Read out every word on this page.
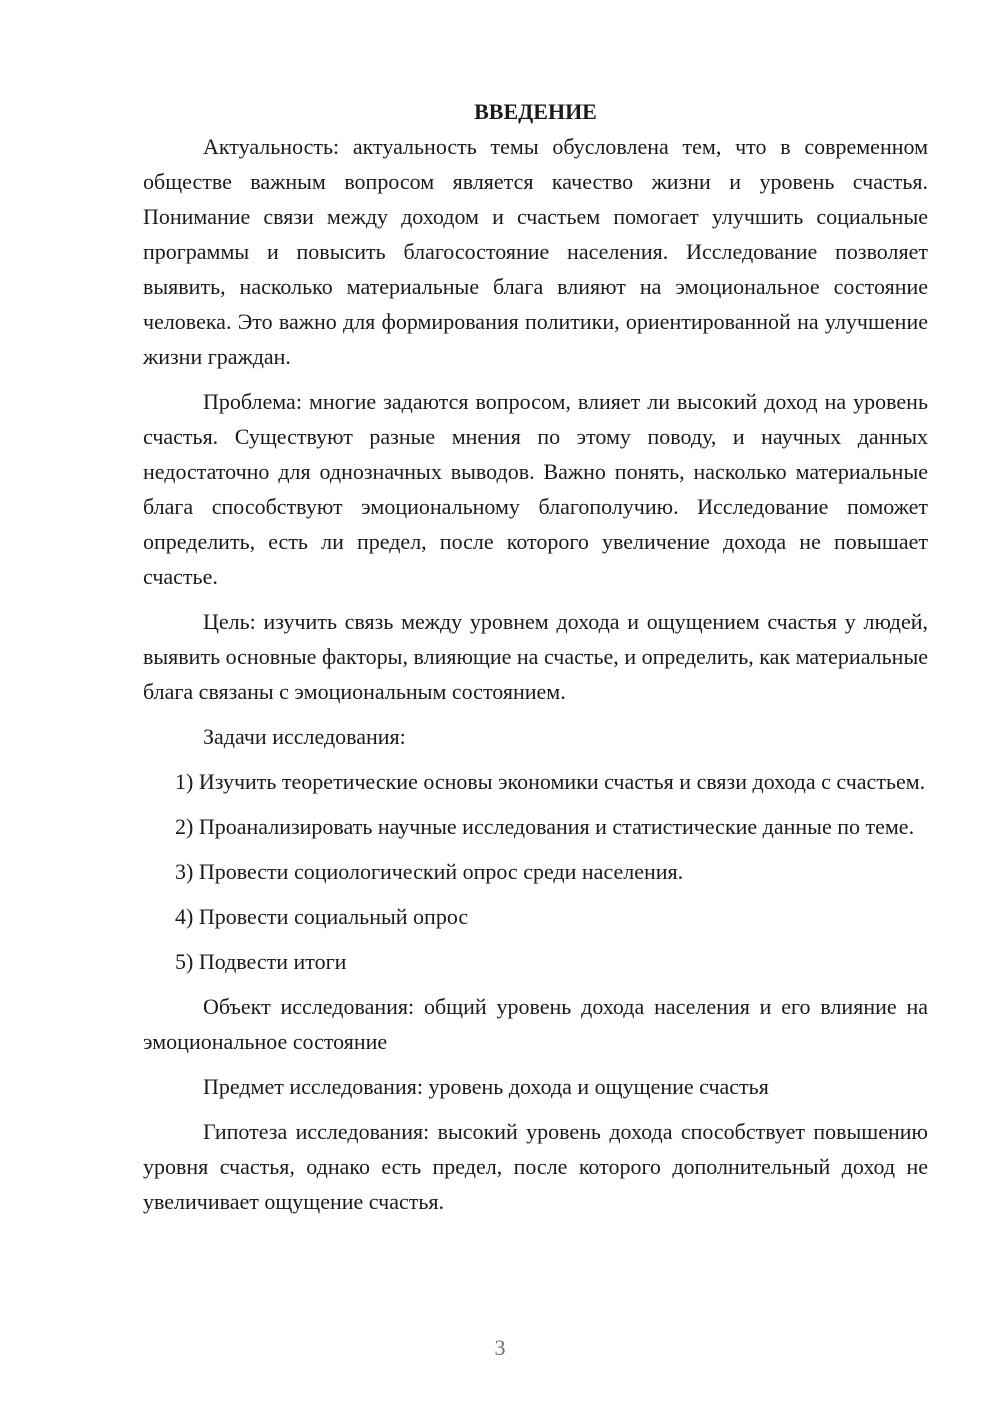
ВВЕДЕНИЕ

Актуальность: актуальность темы обусловлена тем, что в современном обществе важным вопросом является качество жизни и уровень счастья. Понимание связи между доходом и счастьем помогает улучшить социальные программы и повысить благосостояние населения. Исследование позволяет выявить, насколько материальные блага влияют на эмоциональное состояние человека. Это важно для формирования политики, ориентированной на улучшение жизни граждан.

Проблема: многие задаются вопросом, влияет ли высокий доход на уровень счастья. Существуют разные мнения по этому поводу, и научных данных недостаточно для однозначных выводов. Важно понять, насколько материальные блага способствуют эмоциональному благополучию. Исследование поможет определить, есть ли предел, после которого увеличение дохода не повышает счастье.

Цель: изучить связь между уровнем дохода и ощущением счастья у людей, выявить основные факторы, влияющие на счастье, и определить, как материальные блага связаны с эмоциональным состоянием.

Задачи исследования:

1) Изучить теоретические основы экономики счастья и связи дохода с счастьем.

2) Проанализировать научные исследования и статистические данные по теме.

3) Провести социологический опрос среди населения.

4) Провести социальный опрос

5) Подвести итоги

Объект исследования: общий уровень дохода населения и его влияние на эмоциональное состояние

Предмет исследования: уровень дохода и ощущение счастья

Гипотеза исследования: высокий уровень дохода способствует повышению уровня счастья, однако есть предел, после которого дополнительный доход не увеличивает ощущение счастья.

3
